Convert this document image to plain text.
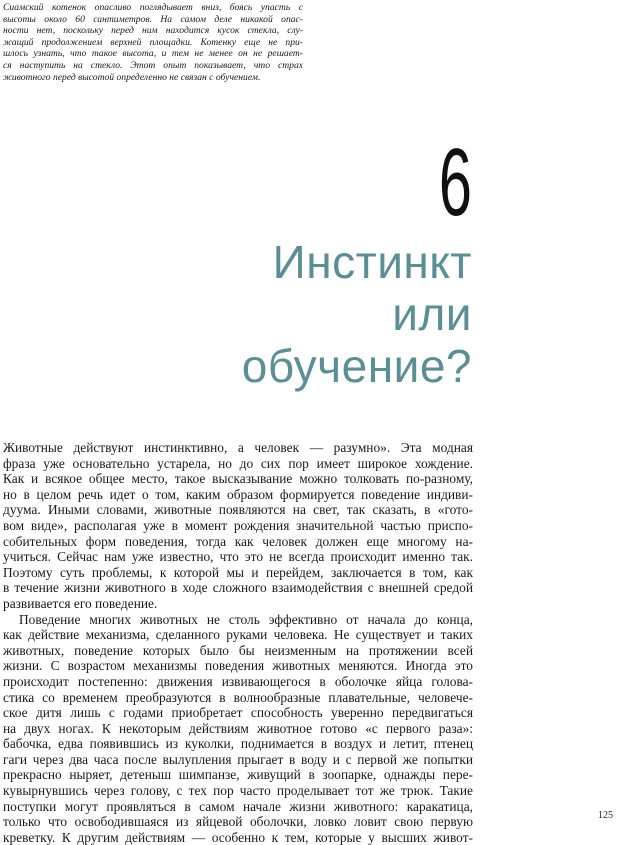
Сиамский котенок опасливо поглядывает вниз, боясь упасть с
высоты около 60 сантиметров. На самом деле никакой опас-
ности нет, поскольку перед ним находится кусок стекла, слу-
жащий продолжением верхней площадки. Котенку еще не при-
шлось узнать, что такое высота, и тем не менее он не решает-
ся наступить на стекло. Этот опыт показывает, что страх
животного перед высотой определенно не связан с обучением.
6
Инстинкт
или
обучение?
Животные действуют инстинктивно, а человек — разумно». Эта модная
фраза уже основательно устарела, но до сих пор имеет широкое хождение.
Как и всякое общее место, такое высказывание можно толковать по-разному,
но в целом речь идет о том, каким образом формируется поведение индиви-
дуума. Иными словами, животные появляются на свет, так сказать, в «гото-
вом виде», располагая уже в момент рождения значительной частью приспо-
собительных форм поведения, тогда как человек должен еще многому на-
учиться. Сейчас нам уже известно, что это не всегда происходит именно так.
Поэтому суть проблемы, к которой мы и перейдем, заключается в том, как
в течение жизни животного в ходе сложного взаимодействия с внешней средой
развивается его поведение.
Поведение многих животных не столь эффективно от начала до конца,
как действие механизма, сделанного руками человека. Не существует и таких
животных, поведение которых было бы неизменным на протяжении всей
жизни. С возрастом механизмы поведения животных меняются. Иногда это
происходит постепенно: движения извивающегося в оболочке яйца голова-
стика со временем преобразуются в волнообразные плавательные, человече-
ское дитя лишь с годами приобретает способность уверенно передвигаться
на двух ногах. К некоторым действиям животное готово «с первого раза»:
бабочка, едва появившись из куколки, поднимается в воздух и летит, птенец
гаги через два часа после вылупления прыгает в воду и с первой же попытки
прекрасно ныряет, детеныш шимпанзе, живущий в зоопарке, однажды пере-
кувырнувшись через голову, с тех пор часто проделывает тот же трюк. Такие
поступки могут проявляться в самом начале жизни животного: каракатица,
только что освободившаяся из яйцевой оболочки, ловко ловит свою первую
креветку. К другим действиям — особенно к тем, которые у высших живот-
125
